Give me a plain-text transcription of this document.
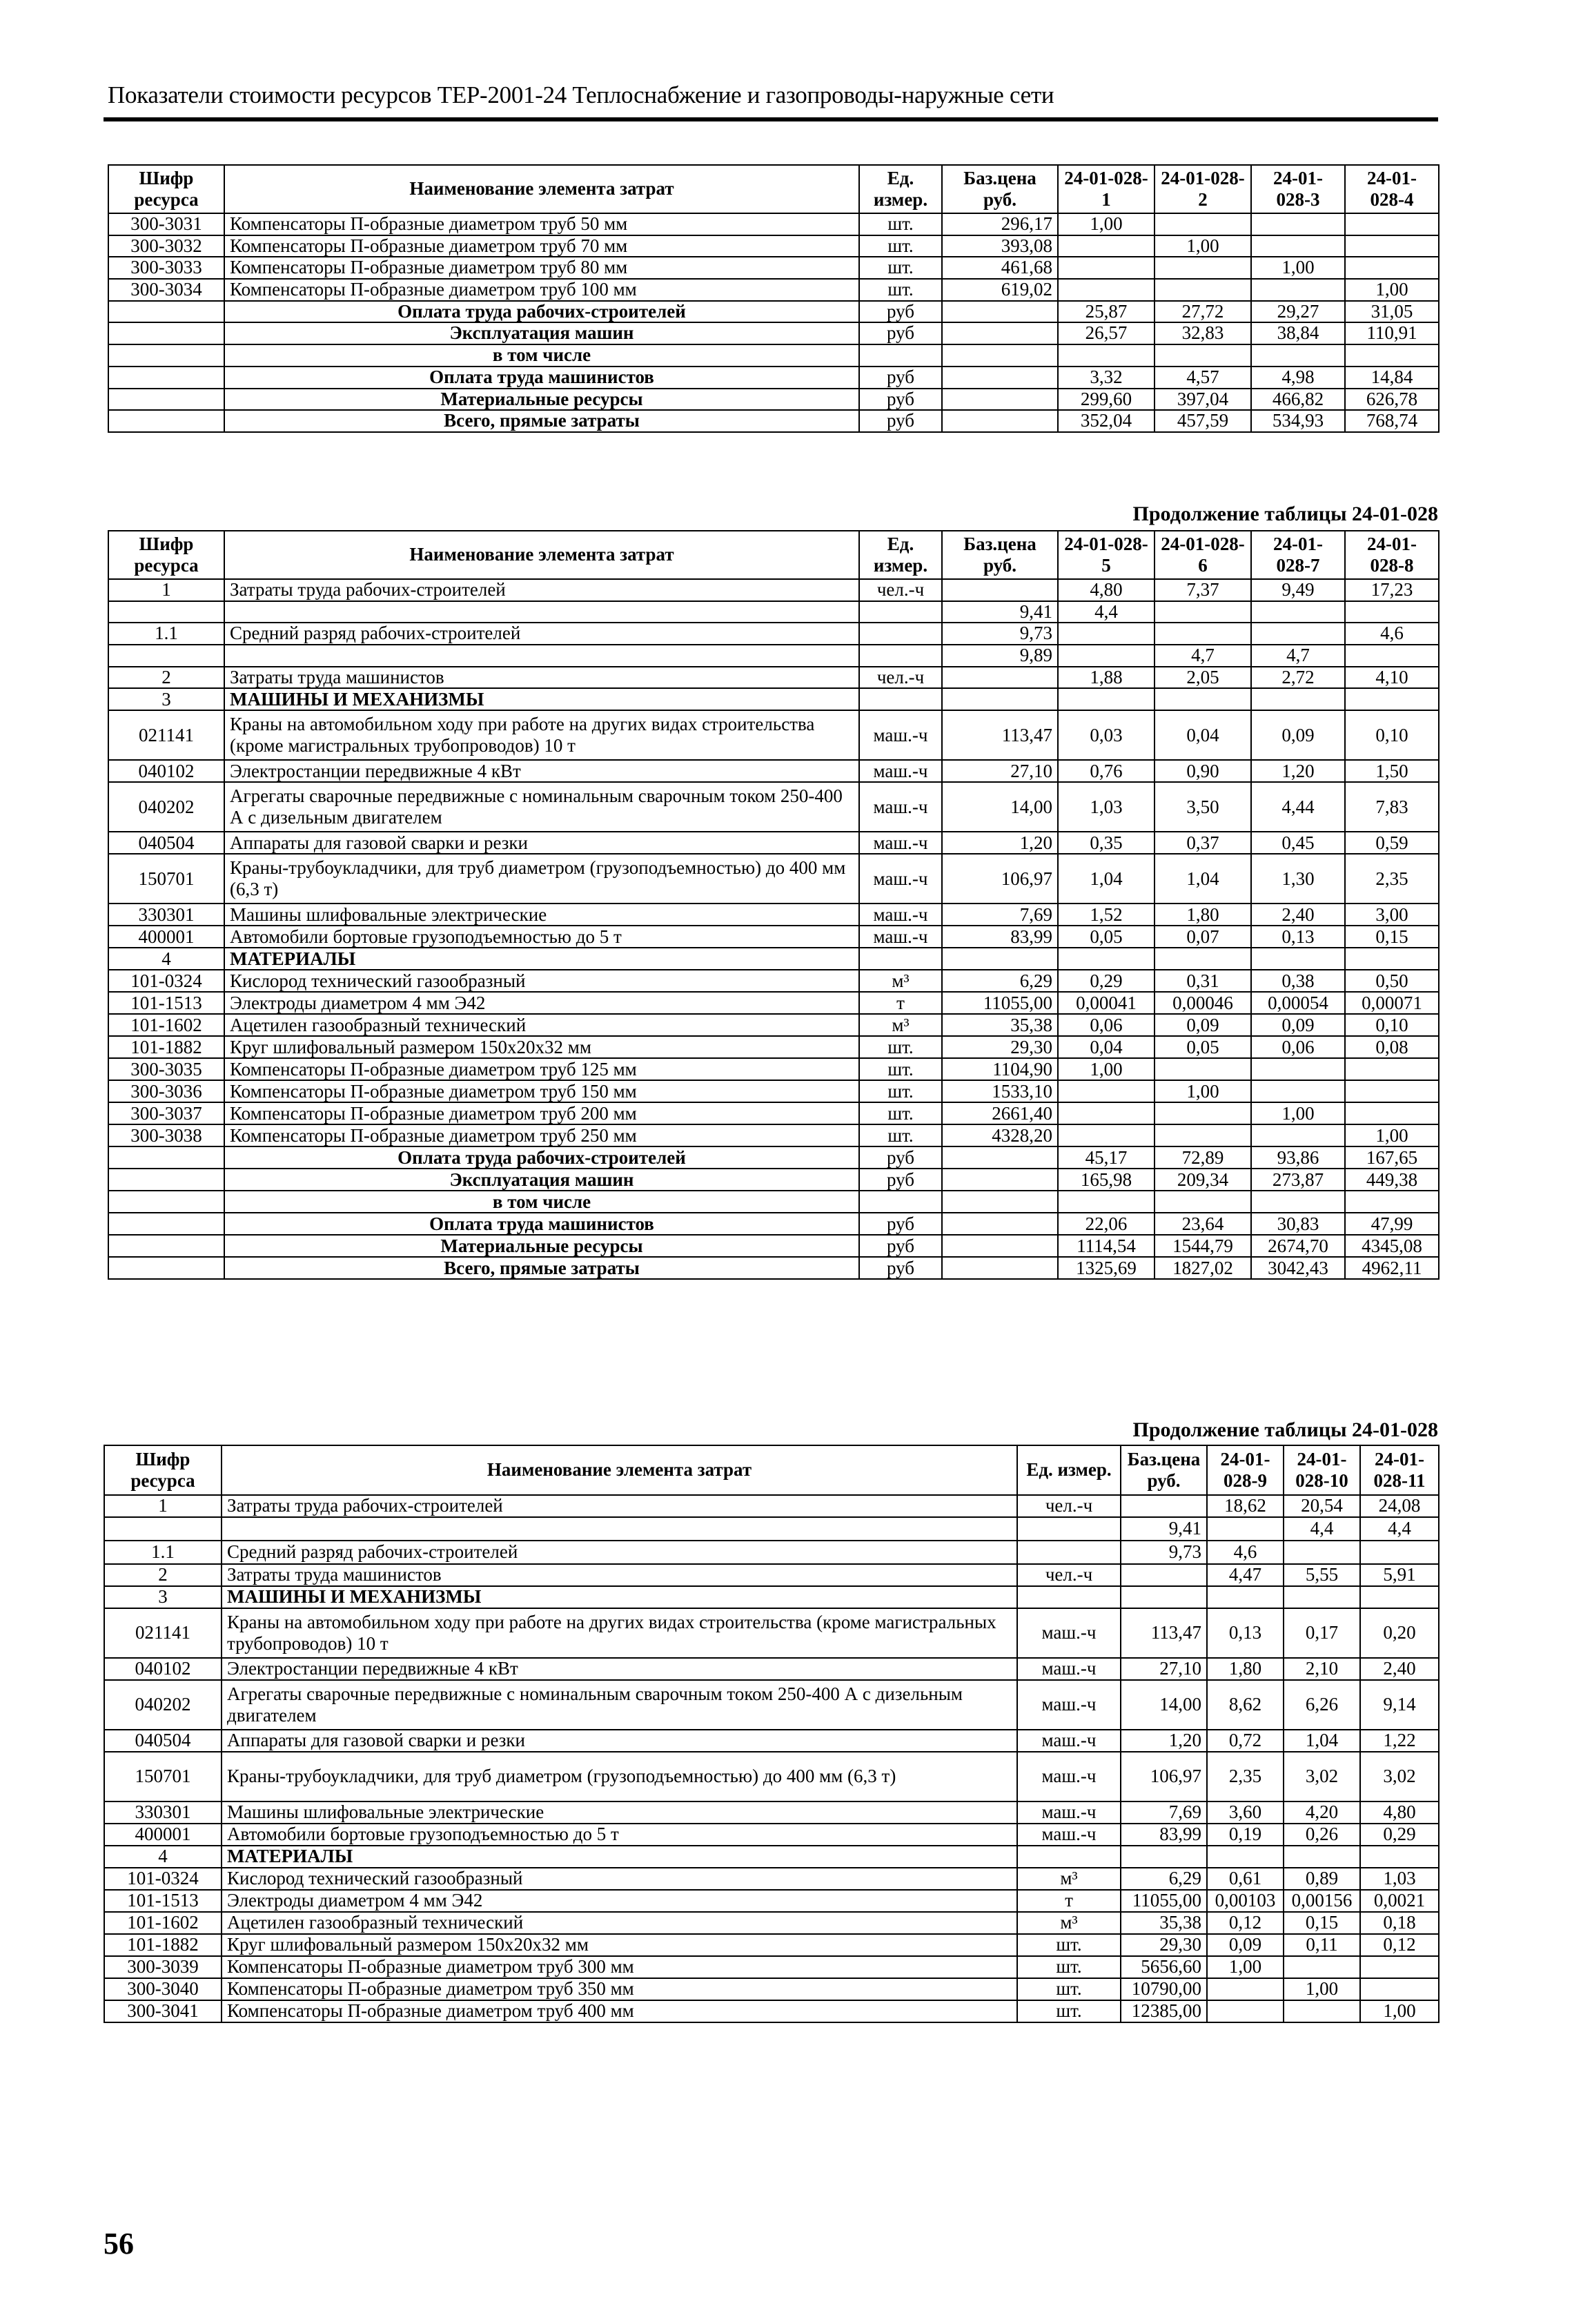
Показатели стоимости ресурсов ТЕР-2001-24 Теплоснабжение и газопроводы-наружные сети
Шифр ресурса	Наименование элемента затрат	Ед. измер.	Баз.цена руб.	24-01-028-1	24-01-028-2	24-01-028-3	24-01-028-4
300-3031	Компенсаторы П-образные диаметром труб 50 мм	шт.	296,17	1,00			
300-3032	Компенсаторы П-образные диаметром труб 70 мм	шт.	393,08		1,00		
300-3033	Компенсаторы П-образные диаметром труб 80 мм	шт.	461,68			1,00	
300-3034	Компенсаторы П-образные диаметром труб 100 мм	шт.	619,02				1,00
	Оплата труда рабочих-строителей	руб		25,87	27,72	29,27	31,05
	Эксплуатация машин	руб		26,57	32,83	38,84	110,91
	в том числе						
	Оплата труда машинистов	руб		3,32	4,57	4,98	14,84
	Материальные ресурсы	руб		299,60	397,04	466,82	626,78
	Всего, прямые затраты	руб		352,04	457,59	534,93	768,74
Продолжение таблицы 24-01-028
Шифр ресурса	Наименование элемента затрат	Ед. измер.	Баз.цена руб.	24-01-028-5	24-01-028-6	24-01-028-7	24-01-028-8
1	Затраты труда рабочих-строителей	чел.-ч		4,80	7,37	9,49	17,23
			9,41	4,4			
1.1	Средний разряд рабочих-строителей		9,73				4,6
			9,89		4,7	4,7	
2	Затраты труда машинистов	чел.-ч		1,88	2,05	2,72	4,10
3	МАШИНЫ И МЕХАНИЗМЫ						
021141	Краны на автомобильном ходу при работе на других видах строительства (кроме магистральных трубопроводов) 10 т	маш.-ч	113,47	0,03	0,04	0,09	0,10
040102	Электростанции передвижные 4 кВт	маш.-ч	27,10	0,76	0,90	1,20	1,50
040202	Агрегаты сварочные передвижные с номинальным сварочным током 250-400 А с дизельным двигателем	маш.-ч	14,00	1,03	3,50	4,44	7,83
040504	Аппараты для газовой сварки и резки	маш.-ч	1,20	0,35	0,37	0,45	0,59
150701	Краны-трубоукладчики, для труб диаметром (грузоподъемностью) до 400 мм (6,3 т)	маш.-ч	106,97	1,04	1,04	1,30	2,35
330301	Машины шлифовальные электрические	маш.-ч	7,69	1,52	1,80	2,40	3,00
400001	Автомобили бортовые грузоподъемностью до 5 т	маш.-ч	83,99	0,05	0,07	0,13	0,15
4	МАТЕРИАЛЫ						
101-0324	Кислород технический газообразный	м³	6,29	0,29	0,31	0,38	0,50
101-1513	Электроды диаметром 4 мм Э42	т	11055,00	0,00041	0,00046	0,00054	0,00071
101-1602	Ацетилен газообразный технический	м³	35,38	0,06	0,09	0,09	0,10
101-1882	Круг шлифовальный размером 150х20х32 мм	шт.	29,30	0,04	0,05	0,06	0,08
300-3035	Компенсаторы П-образные диаметром труб 125 мм	шт.	1104,90	1,00			
300-3036	Компенсаторы П-образные диаметром труб 150 мм	шт.	1533,10		1,00		
300-3037	Компенсаторы П-образные диаметром труб 200 мм	шт.	2661,40			1,00	
300-3038	Компенсаторы П-образные диаметром труб 250 мм	шт.	4328,20				1,00
	Оплата труда рабочих-строителей	руб		45,17	72,89	93,86	167,65
	Эксплуатация машин	руб		165,98	209,34	273,87	449,38
	в том числе						
	Оплата труда машинистов	руб		22,06	23,64	30,83	47,99
	Материальные ресурсы	руб		1114,54	1544,79	2674,70	4345,08
	Всего, прямые затраты	руб		1325,69	1827,02	3042,43	4962,11
Продолжение таблицы 24-01-028
Шифр ресурса	Наименование элемента затрат	Ед. измер.	Баз.цена руб.	24-01-028-9	24-01-028-10	24-01-028-11
1	Затраты труда рабочих-строителей	чел.-ч		18,62	20,54	24,08
			9,41		4,4	4,4
1.1	Средний разряд рабочих-строителей		9,73	4,6		
2	Затраты труда машинистов	чел.-ч		4,47	5,55	5,91
3	МАШИНЫ И МЕХАНИЗМЫ					
021141	Краны на автомобильном ходу при работе на других видах строительства (кроме магистральных трубопроводов) 10 т	маш.-ч	113,47	0,13	0,17	0,20
040102	Электростанции передвижные 4 кВт	маш.-ч	27,10	1,80	2,10	2,40
040202	Агрегаты сварочные передвижные с номинальным сварочным током 250-400 А с дизельным двигателем	маш.-ч	14,00	8,62	6,26	9,14
040504	Аппараты для газовой сварки и резки	маш.-ч	1,20	0,72	1,04	1,22
150701	Краны-трубоукладчики, для труб диаметром (грузоподъемностью) до 400 мм (6,3 т)	маш.-ч	106,97	2,35	3,02	3,02
330301	Машины шлифовальные электрические	маш.-ч	7,69	3,60	4,20	4,80
400001	Автомобили бортовые грузоподъемностью до 5 т	маш.-ч	83,99	0,19	0,26	0,29
4	МАТЕРИАЛЫ					
101-0324	Кислород технический газообразный	м³	6,29	0,61	0,89	1,03
101-1513	Электроды диаметром 4 мм Э42	т	11055,00	0,00103	0,00156	0,0021
101-1602	Ацетилен газообразный технический	м³	35,38	0,12	0,15	0,18
101-1882	Круг шлифовальный размером 150х20х32 мм	шт.	29,30	0,09	0,11	0,12
300-3039	Компенсаторы П-образные диаметром труб 300 мм	шт.	5656,60	1,00		
300-3040	Компенсаторы П-образные диаметром труб 350 мм	шт.	10790,00		1,00	
300-3041	Компенсаторы П-образные диаметром труб 400 мм	шт.	12385,00			1,00
56
